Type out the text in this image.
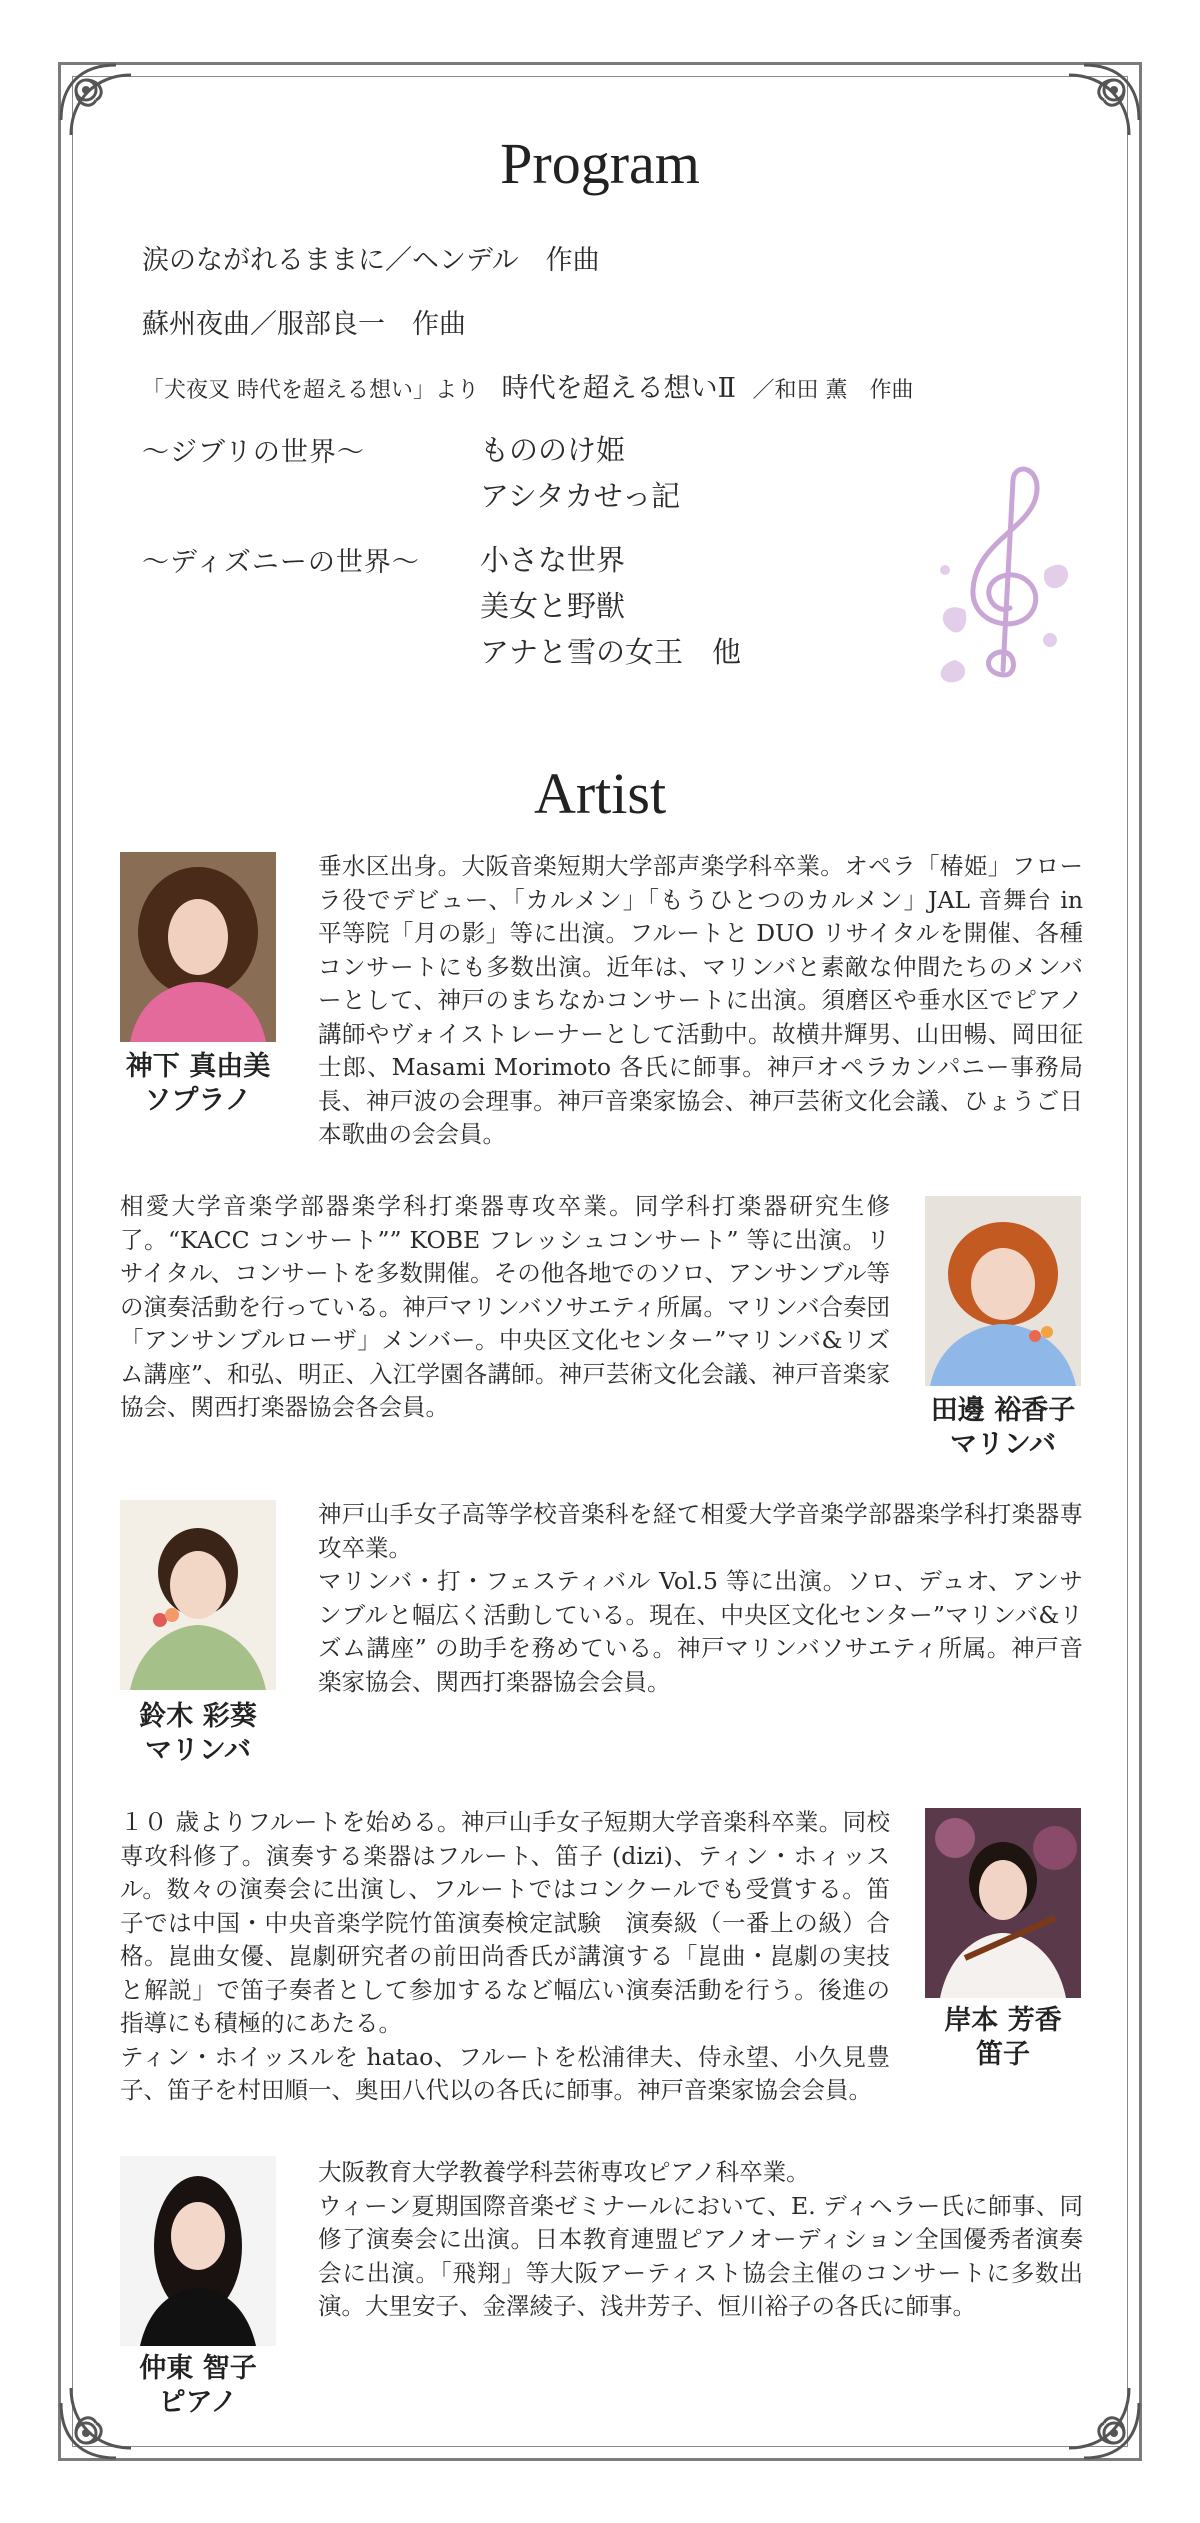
Program
涙のながれるままに／ヘンデル　作曲
蘇州夜曲／服部良一　作曲
「犬夜叉 時代を超える想い」より 時代を超える想いⅡ ／和田 薫　作曲
〜ジブリの世界〜	もののけ姫
アシタカせっ記
〜ディズニーの世界〜 小さな世界
美女と野獣
アナと雪の女王　他
Artist
神下 真由美
ソプラノ
垂水区出身。大阪音楽短期大学部声楽学科卒業。オペラ「椿姫」フローラ役でデビュー、「カルメン」「もうひとつのカルメン」JAL 音舞台 in 平等院「月の影」等に出演。フルートと DUO リサイタルを開催、各種コンサートにも多数出演。近年は、マリンバと素敵な仲間たちのメンバーとして、神戸のまちなかコンサートに出演。須磨区や垂水区でピアノ講師やヴォイストレーナーとして活動中。故横井輝男、山田暢、岡田征士郎、Masami Morimoto 各氏に師事。神戸オペラカンパニー事務局長、神戸波の会理事。神戸音楽家協会、神戸芸術文化会議、ひょうご日本歌曲の会会員。
相愛大学音楽学部器楽学科打楽器専攻卒業。同学科打楽器研究生修了。“KACC コンサート”” KOBE フレッシュコンサート” 等に出演。リサイタル、コンサートを多数開催。その他各地でのソロ、アンサンブル等の演奏活動を行っている。神戸マリンバソサエティ所属。マリンバ合奏団「アンサンブルローザ」メンバー。中央区文化センター”マリンバ&リズム講座”、和弘、明正、入江学園各講師。神戸芸術文化会議、神戸音楽家協会、関西打楽器協会各会員。	田邊 裕香子
マリンバ
鈴木 彩葵
マリンバ
神戸山手女子高等学校音楽科を経て相愛大学音楽学部器楽学科打楽器専攻卒業。
マリンバ・打・フェスティバル Vol.5 等に出演。ソロ、デュオ、アンサンブルと幅広く活動している。現在、中央区文化センター”マリンバ&リズム講座” の助手を務めている。神戸マリンバソサエティ所属。神戸音楽家協会、関西打楽器協会会員。
１０ 歳よりフルートを始める。神戸山手女子短期大学音楽科卒業。同校専攻科修了。演奏する楽器はフルート、笛子 (dizi)、ティン・ホィッスル。数々の演奏会に出演し、フルートではコンクールでも受賞する。笛子では中国・中央音楽学院竹笛演奏検定試験　演奏級（一番上の級）合格。崑曲女優、崑劇研究者の前田尚香氏が講演する「崑曲・崑劇の実技と解説」で笛子奏者として参加するなど幅広い演奏活動を行う。後進の指導にも積極的にあたる。
ティン・ホイッスルを hatao、フルートを松浦律夫、侍永望、小久見豊子、笛子を村田順一、奥田八代以の各氏に師事。神戸音楽家協会会員。
岸本 芳香
笛子
仲東 智子
ピアノ
大阪教育大学教養学科芸術専攻ピアノ科卒業。
ウィーン夏期国際音楽ゼミナールにおいて、E. ディヘラー氏に師事、同修了演奏会に出演。日本教育連盟ピアノオーディション全国優秀者演奏会に出演。「飛翔」等大阪アーティスト協会主催のコンサートに多数出演。大里安子、金澤綾子、浅井芳子、恒川裕子の各氏に師事。
